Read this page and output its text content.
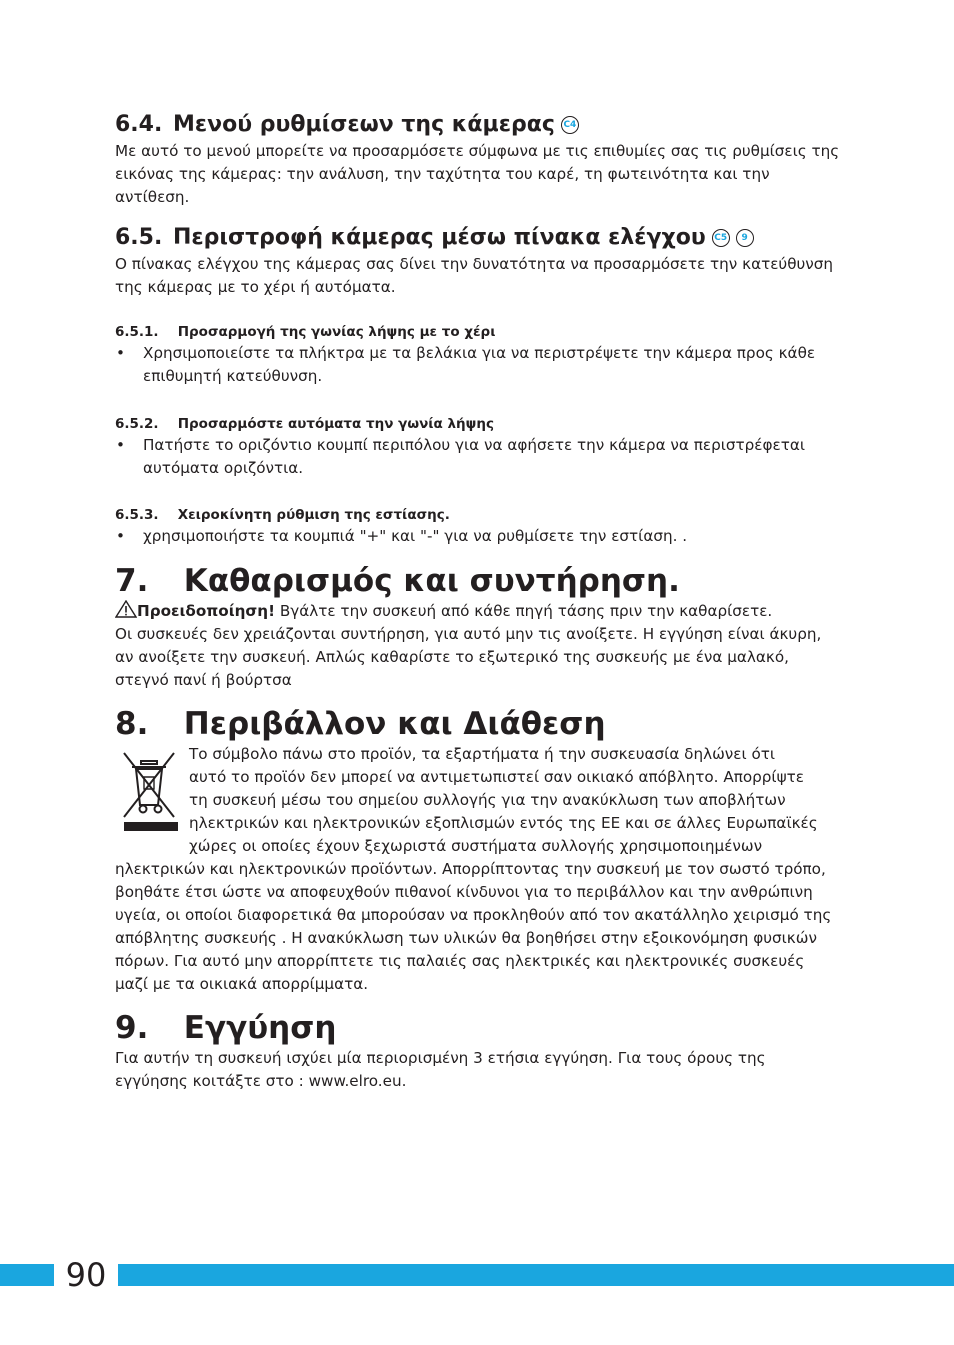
6.4. Μενού ρυθμίσεων της κάμερας C4

Με αυτό το μενού μπορείτε να προσαρμόσετε σύμφωνα με τις επιθυμίες σας τις ρυθμίσεις της εικόνας της κάμερας: την ανάλυση, την ταχύτητα του καρέ, τη φωτεινότητα και την αντίθεση.

6.5. Περιστροφή κάμερας μέσω πίνακα ελέγχου C5	9

Ο πίνακας ελέγχου της κάμερας σας δίνει την δυνατότητα να προσαρμόσετε την κατεύθυνση της κάμερας με το χέρι ή αυτόματα.

6.5.1. Προσαρμογή της γωνίας λήψης με το χέρι
•	Χρησιμοποιείστε τα πλήκτρα με τα βελάκια για να περιστρέψετε την κάμερα προς κάθε επιθυμητή κατεύθυνση.
6.5.2. Προσαρμόστε αυτόματα την γωνία λήψης
•	Πατήστε το οριζόντιο κουμπί περιπόλου για να αφήσετε την κάμερα να περιστρέφεται αυτόματα οριζόντια.
6.5.3. Χειροκίνητη ρύθμιση της εστίασης.
•	χρησιμοποιήστε τα κουμπιά "+" και "-" για να ρυθμίσετε την εστίαση. .
7. Καθαρισμός και συντήρηση.
Προειδοποίηση! Βγάλτε την συσκευή από κάθε πηγή τάσης πριν την καθαρίσετε.

Οι συσκευές δεν χρειάζονται συντήρηση, για αυτό μην τις ανοίξετε. Η εγγύηση είναι άκυρη, αν ανοίξετε την συσκευή. Απλώς καθαρίστε το εξωτερικό της συσκευής με ένα μαλακό, στεγνό πανί ή βούρτσα

8. Περιβάλλον και Διάθεση

Το σύμβολο πάνω στο προϊόν, τα εξαρτήματα ή την συσκευασία δηλώνει ότι

αυτό το προϊόν δεν μπορεί να αντιμετωπιστεί σαν οικιακό απόβλητο. Απορρίψτε

τη συσκευή μέσω του σημείου συλλογής για την ανακύκλωση των αποβλήτων

ηλεκτρικών και ηλεκτρονικών εξοπλισμών εντός της ΕΕ και σε άλλες Ευρωπαϊκές

χώρες οι οποίες έχουν ξεχωριστά συστήματα συλλογής χρησιμοποιημένων

ηλεκτρικών και ηλεκτρονικών προϊόντων. Απορρίπτοντας την συσκευή με τον σωστό τρόπο, βοηθάτε έτσι ώστε να αποφευχθούν πιθανοί κίνδυνοι για το περιβάλλον και την ανθρώπινη υγεία, οι οποίοι διαφορετικά θα μπορούσαν να προκληθούν από τον ακατάλληλο χειρισμό της απόβλητης συσκευής . Η ανακύκλωση των υλικών θα βοηθήσει στην εξοικονόμηση φυσικών πόρων. Για αυτό μην απορρίπτετε τις παλαιές σας ηλεκτρικές και ηλεκτρονικές συσκευές μαζί με τα οικιακά απορρίμματα.

9. Εγγύηση

Για αυτήν τη συσκευή ισχύει μία περιορισμένη 3 ετήσια εγγύηση. Για τους όρους της εγγύησης κοιτάξτε στο : www.elro.eu.

90
